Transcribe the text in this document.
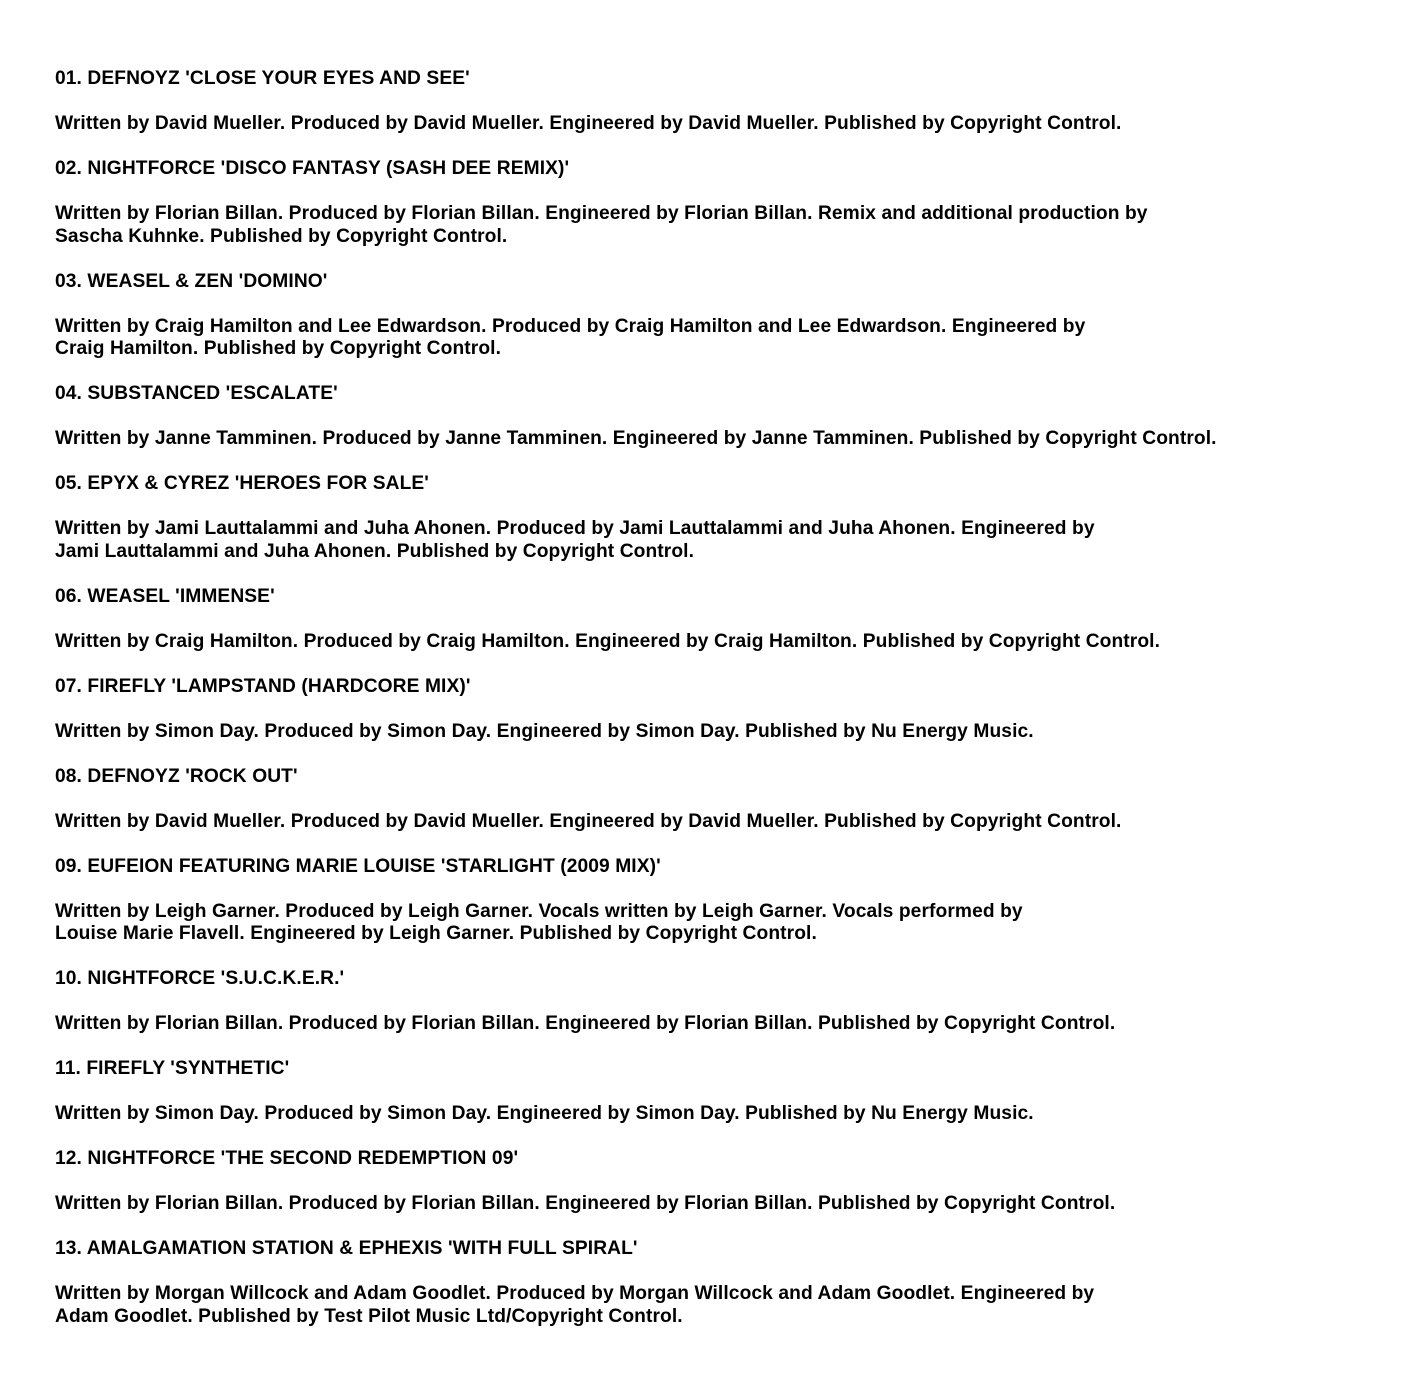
01. DEFNOYZ 'CLOSE YOUR EYES AND SEE'
Written by David Mueller. Produced by David Mueller. Engineered by David Mueller. Published by Copyright Control.
02. NIGHTFORCE 'DISCO FANTASY (SASH DEE REMIX)'
Written by Florian Billan. Produced by Florian Billan. Engineered by Florian Billan. Remix and additional production by
Sascha Kuhnke. Published by Copyright Control.
03. WEASEL & ZEN 'DOMINO'
Written by Craig Hamilton and Lee Edwardson. Produced by Craig Hamilton and Lee Edwardson. Engineered by
Craig Hamilton. Published by Copyright Control.
04. SUBSTANCED 'ESCALATE'
Written by Janne Tamminen. Produced by Janne Tamminen. Engineered by Janne Tamminen. Published by Copyright Control.
05. EPYX & CYREZ 'HEROES FOR SALE'
Written by Jami Lauttalammi and Juha Ahonen. Produced by Jami Lauttalammi and Juha Ahonen. Engineered by
Jami Lauttalammi and Juha Ahonen. Published by Copyright Control.
06. WEASEL 'IMMENSE'
Written by Craig Hamilton. Produced by Craig Hamilton. Engineered by Craig Hamilton. Published by Copyright Control.
07. FIREFLY 'LAMPSTAND (HARDCORE MIX)'
Written by Simon Day. Produced by Simon Day. Engineered by Simon Day. Published by Nu Energy Music.
08. DEFNOYZ 'ROCK OUT'
Written by David Mueller. Produced by David Mueller. Engineered by David Mueller. Published by Copyright Control.
09. EUFEION FEATURING MARIE LOUISE 'STARLIGHT (2009 MIX)'
Written by Leigh Garner. Produced by Leigh Garner. Vocals written by Leigh Garner. Vocals performed by
Louise Marie Flavell. Engineered by Leigh Garner. Published by Copyright Control.
10. NIGHTFORCE 'S.U.C.K.E.R.'
Written by Florian Billan. Produced by Florian Billan. Engineered by Florian Billan. Published by Copyright Control.
11. FIREFLY 'SYNTHETIC'
Written by Simon Day. Produced by Simon Day. Engineered by Simon Day. Published by Nu Energy Music.
12. NIGHTFORCE 'THE SECOND REDEMPTION 09'
Written by Florian Billan. Produced by Florian Billan. Engineered by Florian Billan. Published by Copyright Control.
13. AMALGAMATION STATION & EPHEXIS 'WITH FULL SPIRAL'
Written by Morgan Willcock and Adam Goodlet. Produced by Morgan Willcock and Adam Goodlet. Engineered by
Adam Goodlet. Published by Test Pilot Music Ltd/Copyright Control.
